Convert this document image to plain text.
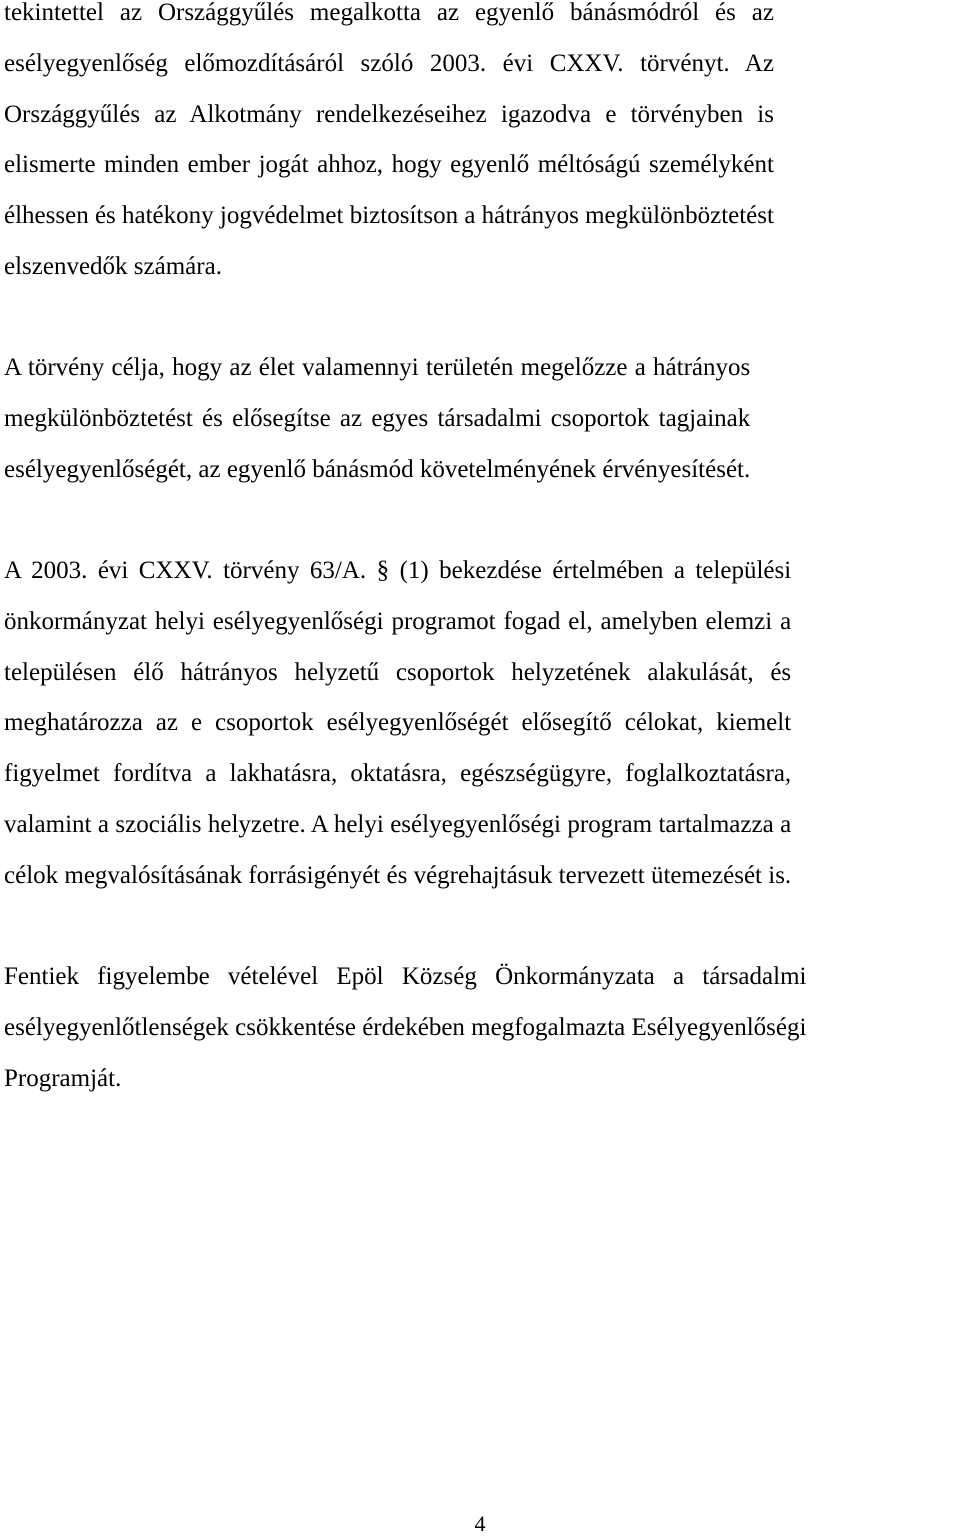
tekintettel az Országgyűlés megalkotta az egyenlő bánásmódról és az
esélyegyenlőség előmozdításáról szóló 2003. évi CXXV. törvényt. Az
Országgyűlés az Alkotmány rendelkezéseihez igazodva e törvényben is
elismerte minden ember jogát ahhoz, hogy egyenlő méltóságú személyként
élhessen és hatékony jogvédelmet biztosítson a hátrányos megkülönböztetést
elszenvedők számára.

A törvény célja, hogy az élet valamennyi területén megelőzze a hátrányos
megkülönböztetést és elősegítse az egyes társadalmi csoportok tagjainak
esélyegyenlőségét, az egyenlő bánásmód követelményének érvényesítését.

A 2003. évi CXXV. törvény 63/A. § (1) bekezdése értelmében a települési
önkormányzat helyi esélyegyenlőségi programot fogad el, amelyben elemzi a
településen élő hátrányos helyzetű csoportok helyzetének alakulását, és
meghatározza az e csoportok esélyegyenlőségét elősegítő célokat, kiemelt
figyelmet fordítva a lakhatásra, oktatásra, egészségügyre, foglalkoztatásra,
valamint a szociális helyzetre. A helyi esélyegyenlőségi program tartalmazza a
célok megvalósításának forrásigényét és végrehajtásuk tervezett ütemezését is.

Fentiek figyelembe vételével Epöl Község Önkormányzata a társadalmi
esélyegyenlőtlenségek csökkentése érdekében megfogalmazta Esélyegyenlőségi
Programját.

4
